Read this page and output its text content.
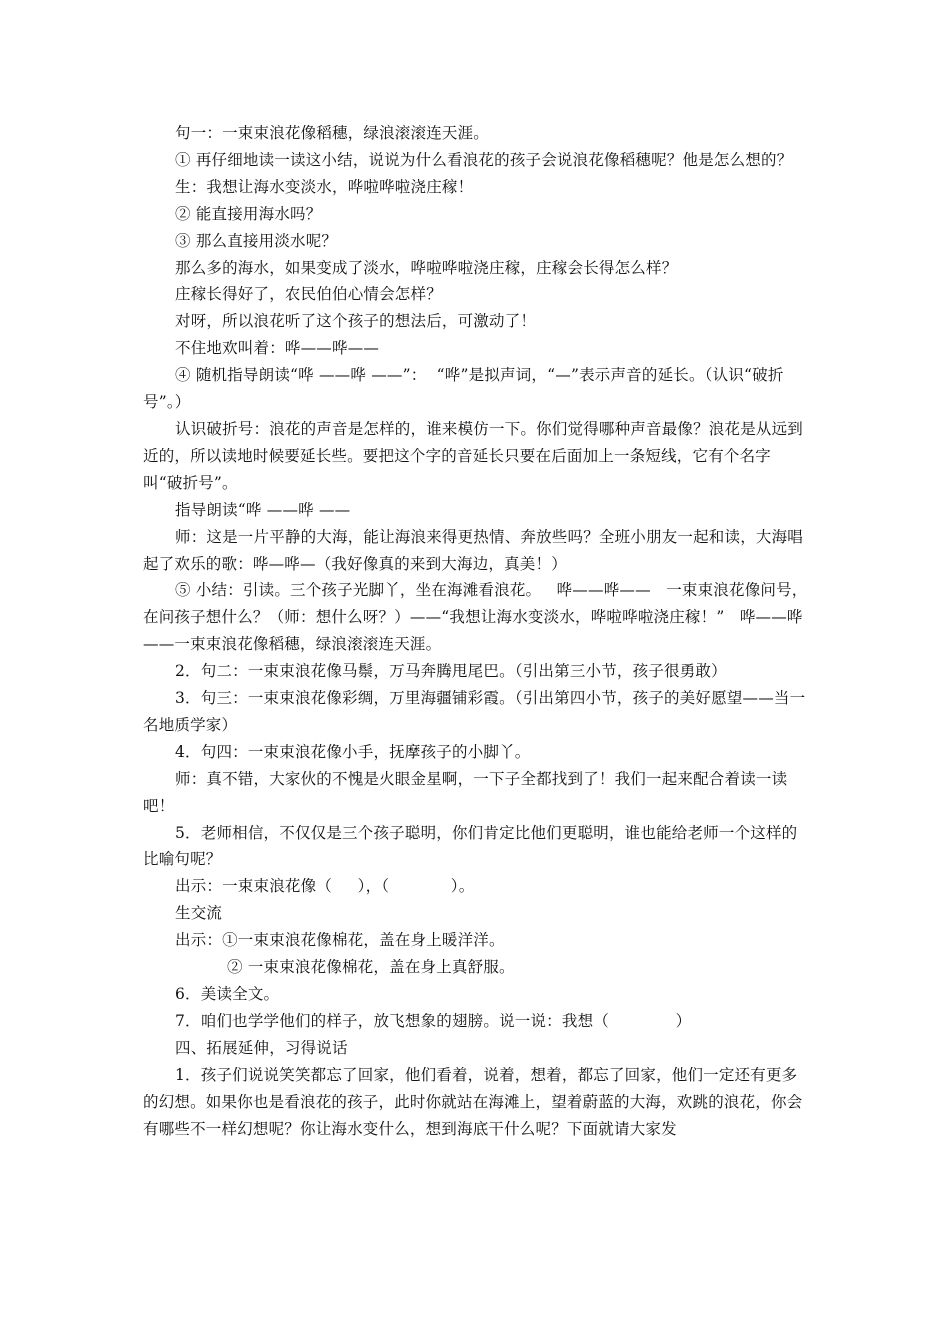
句一：一束束浪花像稻穗，绿浪滚滚连天涯。

① 再仔细地读一读这小结，说说为什么看浪花的孩子会说浪花像稻穗呢？他是怎么想的？

生：我想让海水变淡水，哗啦哗啦浇庄稼！

② 能直接用海水吗？

③ 那么直接用淡水呢？

那么多的海水，如果变成了淡水，哗啦哗啦浇庄稼，庄稼会长得怎么样？

庄稼长得好了，农民伯伯心情会怎样？

对呀，所以浪花听了这个孩子的想法后，可激动了！

不住地欢叫着：哗——哗——

④ 随机指导朗读“哗 ——哗 ——”：  “哗”是拟声词，“—”表示声音的延长。（认识“破折号”。）

认识破折号：浪花的声音是怎样的，谁来模仿一下。你们觉得哪种声音最像？浪花是从远到近的，所以读地时候要延长些。要把这个字的音延长只要在后面加上一条短线，它有个名字叫“破折号”。

指导朗读“哗 ——哗 ——

师：这是一片平静的大海，能让海浪来得更热情、奔放些吗？全班小朋友一起和读，大海唱起了欢乐的歌：哗—哗—（我好像真的来到大海边，真美！）

⑤ 小结：引读。三个孩子光脚丫，坐在海滩看浪花。   哗——哗——   一束束浪花像问号，在问孩子想什么？（师：想什么呀？）——“我想让海水变淡水，哗啦哗啦浇庄稼！”   哗——哗——一束束浪花像稻穗，绿浪滚滚连天涯。

2．句二：一束束浪花像马鬃，万马奔腾甩尾巴。（引出第三小节，孩子很勇敢）

3．句三：一束束浪花像彩绸，万里海疆铺彩霞。（引出第四小节，孩子的美好愿望——当一名地质学家）

4．句四：一束束浪花像小手，抚摩孩子的小脚丫。

师：真不错，大家伙的不愧是火眼金星啊，一下子全都找到了！我们一起来配合着读一读吧！

5．老师相信，不仅仅是三个孩子聪明，你们肯定比他们更聪明，谁也能给老师一个这样的比喻句呢？

出示：一束束浪花像（     ），（            ）。

生交流

出示：①一束束浪花像棉花，盖在身上暖洋洋。

② 一束束浪花像棉花，盖在身上真舒服。

6．美读全文。

7．咱们也学学他们的样子，放飞想象的翅膀。说一说：我想（             ）

四、拓展延伸，习得说话

1．孩子们说说笑笑都忘了回家，他们看着，说着，想着，都忘了回家，他们一定还有更多的幻想。如果你也是看浪花的孩子，此时你就站在海滩上，望着蔚蓝的大海，欢跳的浪花，你会有哪些不一样幻想呢？你让海水变什么，想到海底干什么呢？下面就请大家发
